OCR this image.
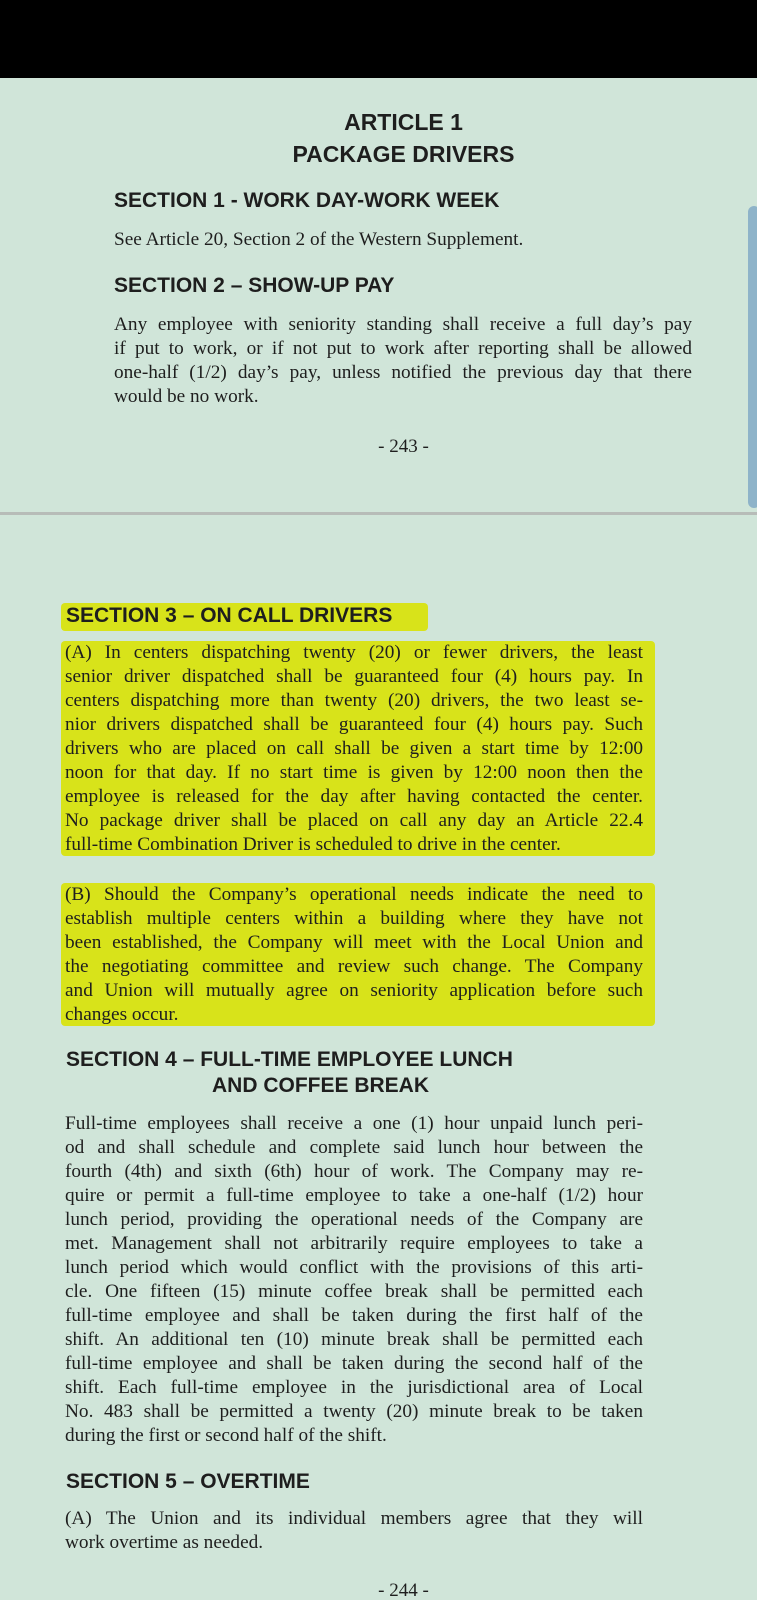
ARTICLE 1
PACKAGE DRIVERS
SECTION 1 - WORK DAY-WORK WEEK
See Article 20, Section 2 of the Western Supplement.
SECTION 2 – SHOW-UP PAY
Any employee with seniority standing shall receive a full day’s pay
if put to work, or if not put to work after reporting shall be allowed
one-half (1/2) day’s pay, unless notified the previous day that there
would be no work.
- 243 -
SECTION 3 – ON CALL DRIVERS
(A) In centers dispatching twenty (20) or fewer drivers, the least
senior driver dispatched shall be guaranteed four (4) hours pay. In
centers dispatching more than twenty (20) drivers, the two least se-
nior drivers dispatched shall be guaranteed four (4) hours pay. Such
drivers who are placed on call shall be given a start time by 12:00
noon for that day. If no start time is given by 12:00 noon then the
employee is released for the day after having contacted the center.
No package driver shall be placed on call any day an Article 22.4
full-time Combination Driver is scheduled to drive in the center.
(B) Should the Company’s operational needs indicate the need to
establish multiple centers within a building where they have not
been established, the Company will meet with the Local Union and
the negotiating committee and review such change. The Company
and Union will mutually agree on seniority application before such
changes occur.
SECTION 4 – FULL-TIME EMPLOYEE LUNCH
AND COFFEE BREAK
Full-time employees shall receive a one (1) hour unpaid lunch peri-
od and shall schedule and complete said lunch hour between the
fourth (4th) and sixth (6th) hour of work. The Company may re-
quire or permit a full-time employee to take a one-half (1/2) hour
lunch period, providing the operational needs of the Company are
met. Management shall not arbitrarily require employees to take a
lunch period which would conflict with the provisions of this arti-
cle. One fifteen (15) minute coffee break shall be permitted each
full-time employee and shall be taken during the first half of the
shift. An additional ten (10) minute break shall be permitted each
full-time employee and shall be taken during the second half of the
shift. Each full-time employee in the jurisdictional area of Local
No. 483 shall be permitted a twenty (20) minute break to be taken
during the first or second half of the shift.
SECTION 5 – OVERTIME
(A) The Union and its individual members agree that they will
work overtime as needed.
- 244 -
